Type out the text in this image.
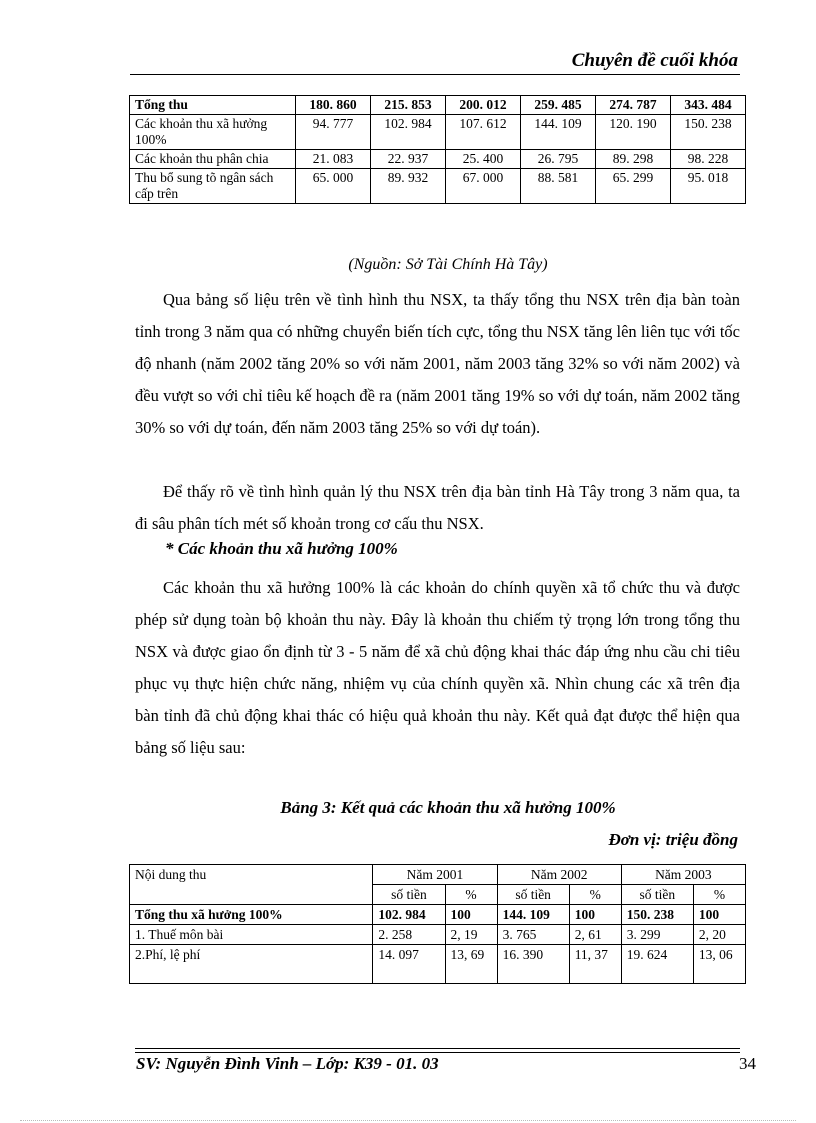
Chuyên đề cuối khóa
Tổng thu	180. 860	215. 853	200. 012	259. 485	274. 787	343. 484
Các khoản thu xã hưởng 100%	94. 777	102. 984	107. 612	144. 109	120. 190	150. 238
Các khoản thu phân chia	21. 083	22. 937	25. 400	26. 795	89. 298	98. 228
Thu bổ sung tõ ngân sách cấp trên	65. 000	89. 932	67. 000	88. 581	65. 299	95. 018
(Nguồn: Sở Tài Chính Hà Tây)

Qua bảng số liệu trên về tình hình thu NSX, ta thấy tổng thu NSX trên địa bàn toàn tỉnh trong 3 năm qua có những chuyển biến tích cực, tổng thu NSX tăng lên liên tục với tốc độ nhanh (năm 2002 tăng 20% so với năm 2001, năm 2003 tăng 32% so với năm 2002) và đều vượt so với chỉ tiêu kế hoạch đề ra (năm 2001 tăng 19% so với dự toán, năm 2002 tăng 30% so với dự toán, đến năm 2003 tăng 25% so với dự toán).

Để thấy rõ về tình hình quản lý thu NSX trên địa bàn tỉnh Hà Tây trong 3 năm qua, ta đi sâu phân tích mét số khoản trong cơ cấu thu NSX.

* Các khoản thu xã hưởng 100%

Các khoản thu xã hưởng 100% là các khoản do chính quyền xã tổ chức thu và được phép sử dụng toàn bộ khoản thu này. Đây là khoản thu chiếm tỷ trọng lớn trong tổng thu NSX và được giao ổn định từ 3 - 5 năm để xã chủ động khai thác đáp ứng nhu cầu chi tiêu phục vụ thực hiện chức năng, nhiệm vụ của chính quyền xã. Nhìn chung các xã trên địa bàn tỉnh đã chủ động khai thác có hiệu quả khoản thu này. Kết quả đạt được thể hiện qua bảng số liệu sau:

Bảng 3: Kết quả các khoản thu xã hưởng 100%
Đơn vị: triệu đồng
Nội dung thu	Năm 2001		Năm 2002		Năm 2003	
	số tiền	%	số tiền	%	số tiền	%
Tổng thu xã hưởng 100%	102. 984	100	144. 109	100	150. 238	100
1. Thuế môn bài	2. 258	2, 19	3. 765	2, 61	3. 299	2, 20
2.Phí, lệ phí	14. 097	13, 69	16. 390	11, 37	19. 624	13, 06
SV: Nguyễn Đình Vinh – Lớp: K39 - 01. 03	34
